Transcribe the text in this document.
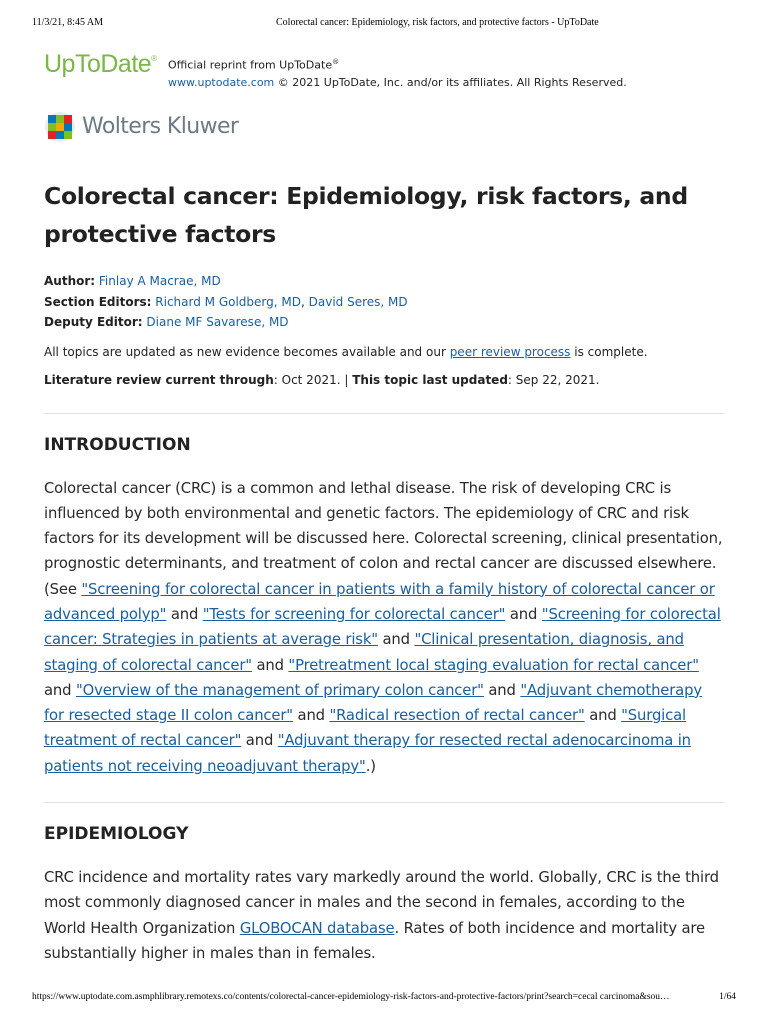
11/3/21, 8:45 AM	Colorectal cancer: Epidemiology, risk factors, and protective factors - UpToDate
UpToDate®
Official reprint from UpToDate®
www.uptodate.com © 2021 UpToDate, Inc. and/or its affiliates. All Rights Reserved.
Wolters Kluwer
Colorectal cancer: Epidemiology, risk factors, and protective factors
Author: Finlay A Macrae, MD
Section Editors: Richard M Goldberg, MD, David Seres, MD
Deputy Editor: Diane MF Savarese, MD
All topics are updated as new evidence becomes available and our peer review process is complete.
Literature review current through: Oct 2021. | This topic last updated: Sep 22, 2021.
INTRODUCTION

Colorectal cancer (CRC) is a common and lethal disease. The risk of developing CRC is influenced by both environmental and genetic factors. The epidemiology of CRC and risk factors for its development will be discussed here. Colorectal screening, clinical presentation, prognostic determinants, and treatment of colon and rectal cancer are discussed elsewhere. (See "Screening for colorectal cancer in patients with a family history of colorectal cancer or advanced polyp" and "Tests for screening for colorectal cancer" and "Screening for colorectal cancer: Strategies in patients at average risk" and "Clinical presentation, diagnosis, and staging of colorectal cancer" and "Pretreatment local staging evaluation for rectal cancer" and "Overview of the management of primary colon cancer" and "Adjuvant chemotherapy for resected stage II colon cancer" and "Radical resection of rectal cancer" and "Surgical treatment of rectal cancer" and "Adjuvant therapy for resected rectal adenocarcinoma in patients not receiving neoadjuvant therapy".)

EPIDEMIOLOGY

CRC incidence and mortality rates vary markedly around the world. Globally, CRC is the third most commonly diagnosed cancer in males and the second in females, according to the World Health Organization GLOBOCAN database. Rates of both incidence and mortality are substantially higher in males than in females.

https://www.uptodate.com.asmphlibrary.remotexs.co/contents/colorectal-cancer-epidemiology-risk-factors-and-protective-factors/print?search=cecal carcinoma&sou…	1/64
